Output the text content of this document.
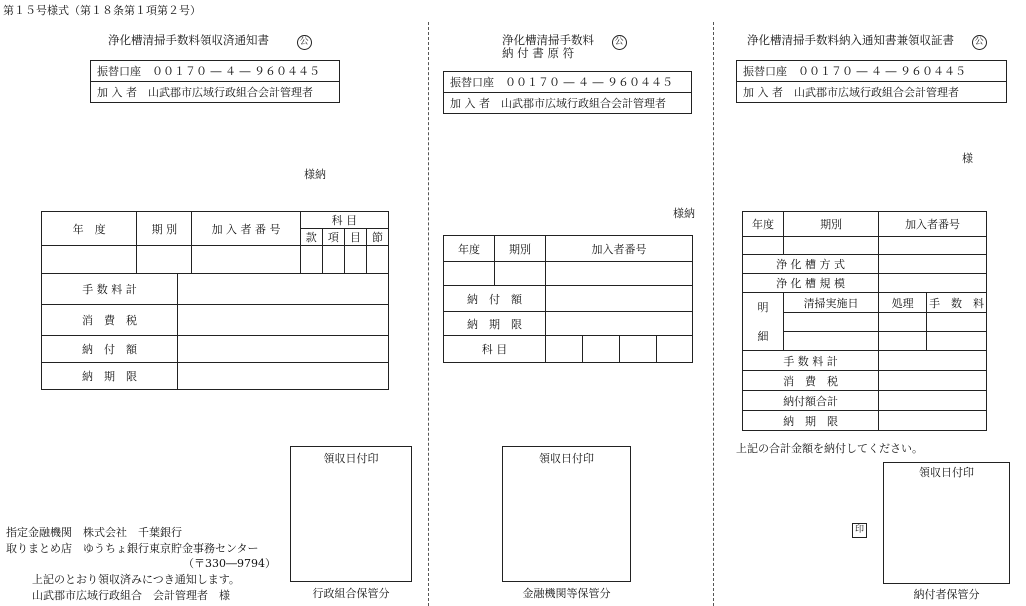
第１５号様式（第１８条第１項第２号）
浄化槽清掃手数料領収済通知書	公
振替口座　 ００１７０ ― ４ ― ９６０４４５
加 入 者　 山武郡市広域行政組合会計管理者
様納
年　度	期 別	加 入 者 番 号	科 目			
			款	項	目	節

手 数 料 計	
消　費　税	
納　付　額	
納　期　限	
領収日付印
行政組合保管分
指定金融機関　株式会社　千葉銀行
取りまとめ店　ゆうちょ銀行東京貯金事務センター
（〒330―9794）
上記のとおり領収済みにつき通知します。
山武郡市広域行政組合　会計管理者　様
浄化槽清掃手数料 公
納 付 書 原 符
振替口座　 ００１７０ ― ４ ― ９６０４４５
加 入 者　 山武郡市広域行政組合会計管理者
様納
年度	期別	加入者番号			

納　付　額					
納　期　限					
科 目					
領収日付印
金融機関等保管分
浄化槽清掃手数料納入通知書兼領収証書 公
振替口座　 ００１７０ ― ４ ― ９６０４４５
加 入 者　 山武郡市広域行政組合会計管理者
様
年度	期別	加入者番号	

浄 化 槽 方 式			
浄 化 槽 規 模			
明

細	清掃実施日	処理	手　数　料

手 数 料 計			
消　費　税			
納付額合計			
納　期　限			
上記の合計金額を納付してください。
印
領収日付印
納付者保管分
